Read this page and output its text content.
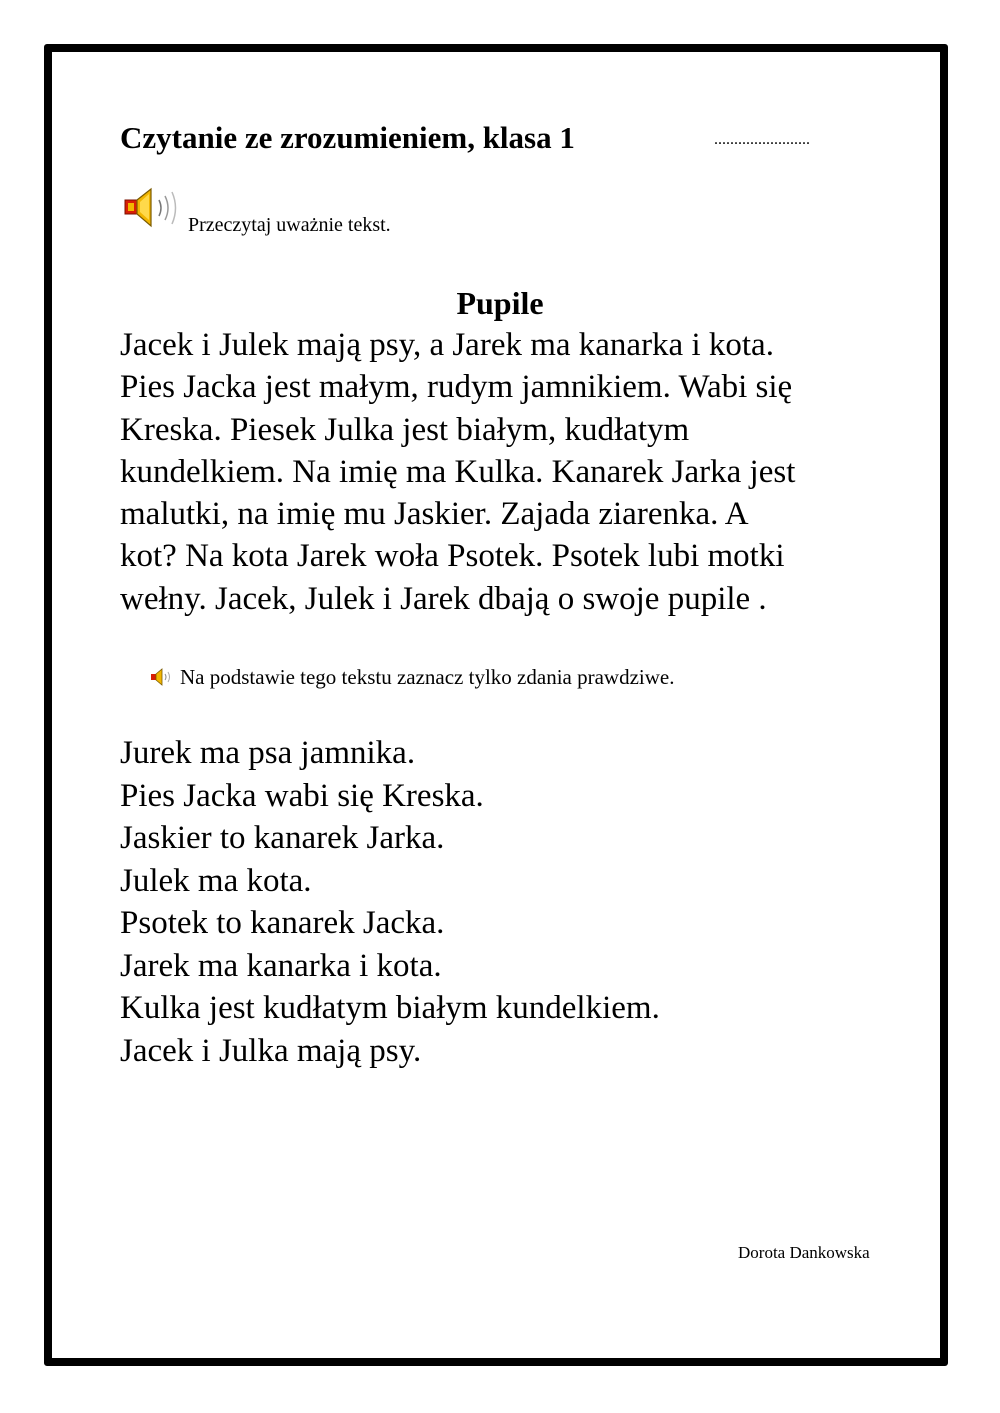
Czytanie ze zrozumieniem, klasa 1	........................
Przeczytaj uważnie tekst.
Pupile
Jacek i Julek mają psy, a Jarek ma kanarka i kota.
Pies Jacka jest małym, rudym jamnikiem. Wabi się
Kreska. Piesek Julka jest białym, kudłatym
kundelkiem. Na imię ma Kulka. Kanarek Jarka jest
malutki, na imię mu Jaskier. Zajada ziarenka. A
kot? Na kota Jarek woła Psotek. Psotek lubi motki
wełny. Jacek, Julek i Jarek dbają o swoje pupile .
Na podstawie tego tekstu zaznacz tylko zdania prawdziwe.
Jurek ma psa jamnika.
Pies Jacka wabi się Kreska.
Jaskier to kanarek Jarka.
Julek ma kota.
Psotek to kanarek Jacka.
Jarek ma kanarka i kota.
Kulka jest kudłatym białym kundelkiem.
Jacek i Julka mają psy.
Dorota Dankowska
